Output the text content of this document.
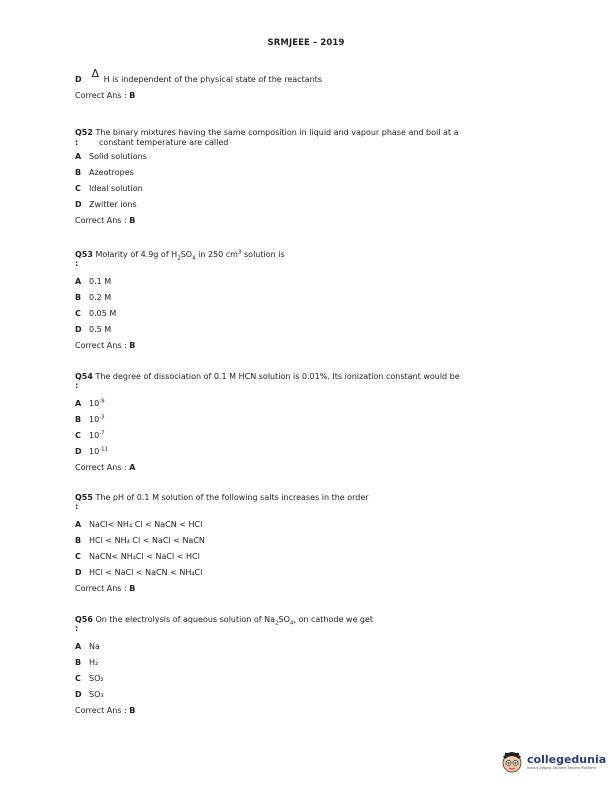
SRMJEEE – 2019
D Δ H is independent of the physical state of the reactants
Correct Ans : B
Q52 The binary mixtures having the same composition in liquid and vapour phase and boil at a
:	constant temperature are called
A Solid solutions
B Azeotropes
C Ideal solution
D Zwitter ions
Correct Ans : B
Q53 Molarity of 4.9g of $H_2SO_4$ in 250 $cm^3$ solution is
:
A 0.1 M
B 0.2 M
C 0.05 M
D 0.5 M
Correct Ans : B
Q54 The degree of dissociation of 0.1 M HCN solution is 0.01%. Its ionization constant would be
:
A $10^{-9}$
B $10^{-3}$
C $10^{-7}$
D $10^{-11}$
Correct Ans : A
Q55 The pH of 0.1 M solution of the following salts increases in the order
:
A NaCl< NH₄ Cl < NaCN < HCl
B HCl < NH₄ Cl < NaCl < NaCN
C NaCN< NH₄Cl < NaCl < HCl
D HCl < NaCl < NaCN < NH₄Cl
Correct Ans : B
Q56 On the electrolysis of aqueous solution of $Na_2SO_4$, on cathode we get
:
A Na
B H₂
C SO₂
D SO₃
Correct Ans : B
collegedunia
India's largest Student Review Platform
